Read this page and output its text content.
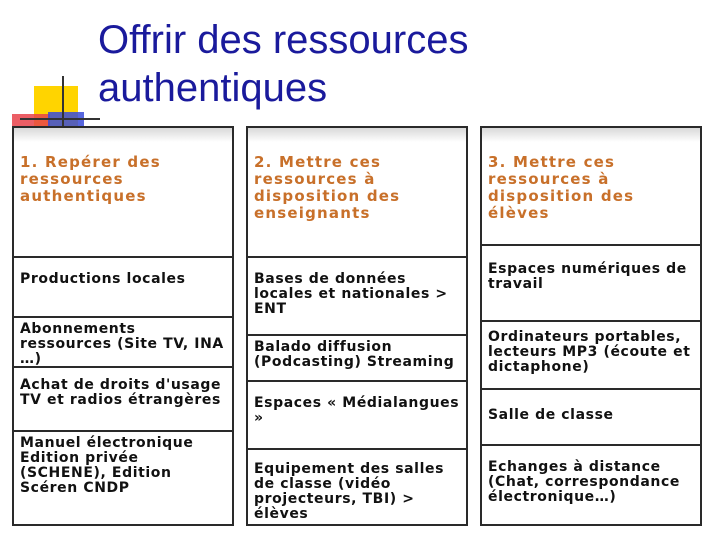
Offrir des ressources
authentiques
1. Repérer des ressources authentiques
Productions locales
Abonnements ressources (Site TV, INA …)
Achat de droits d'usage TV et radios étrangères
Manuel électronique Edition privée (SCHENE), Edition Scéren CNDP
2. Mettre ces ressources à disposition des enseignants
Bases de données locales et nationales > ENT
Balado diffusion (Podcasting) Streaming
Espaces « Médialangues »
Equipement des salles de classe (vidéo projecteurs, TBI) > élèves
3. Mettre ces ressources à disposition des élèves
Espaces numériques de travail
Ordinateurs portables, lecteurs MP3 (écoute et dictaphone)
Salle de classe
Echanges à distance (Chat, correspondance électronique…)
